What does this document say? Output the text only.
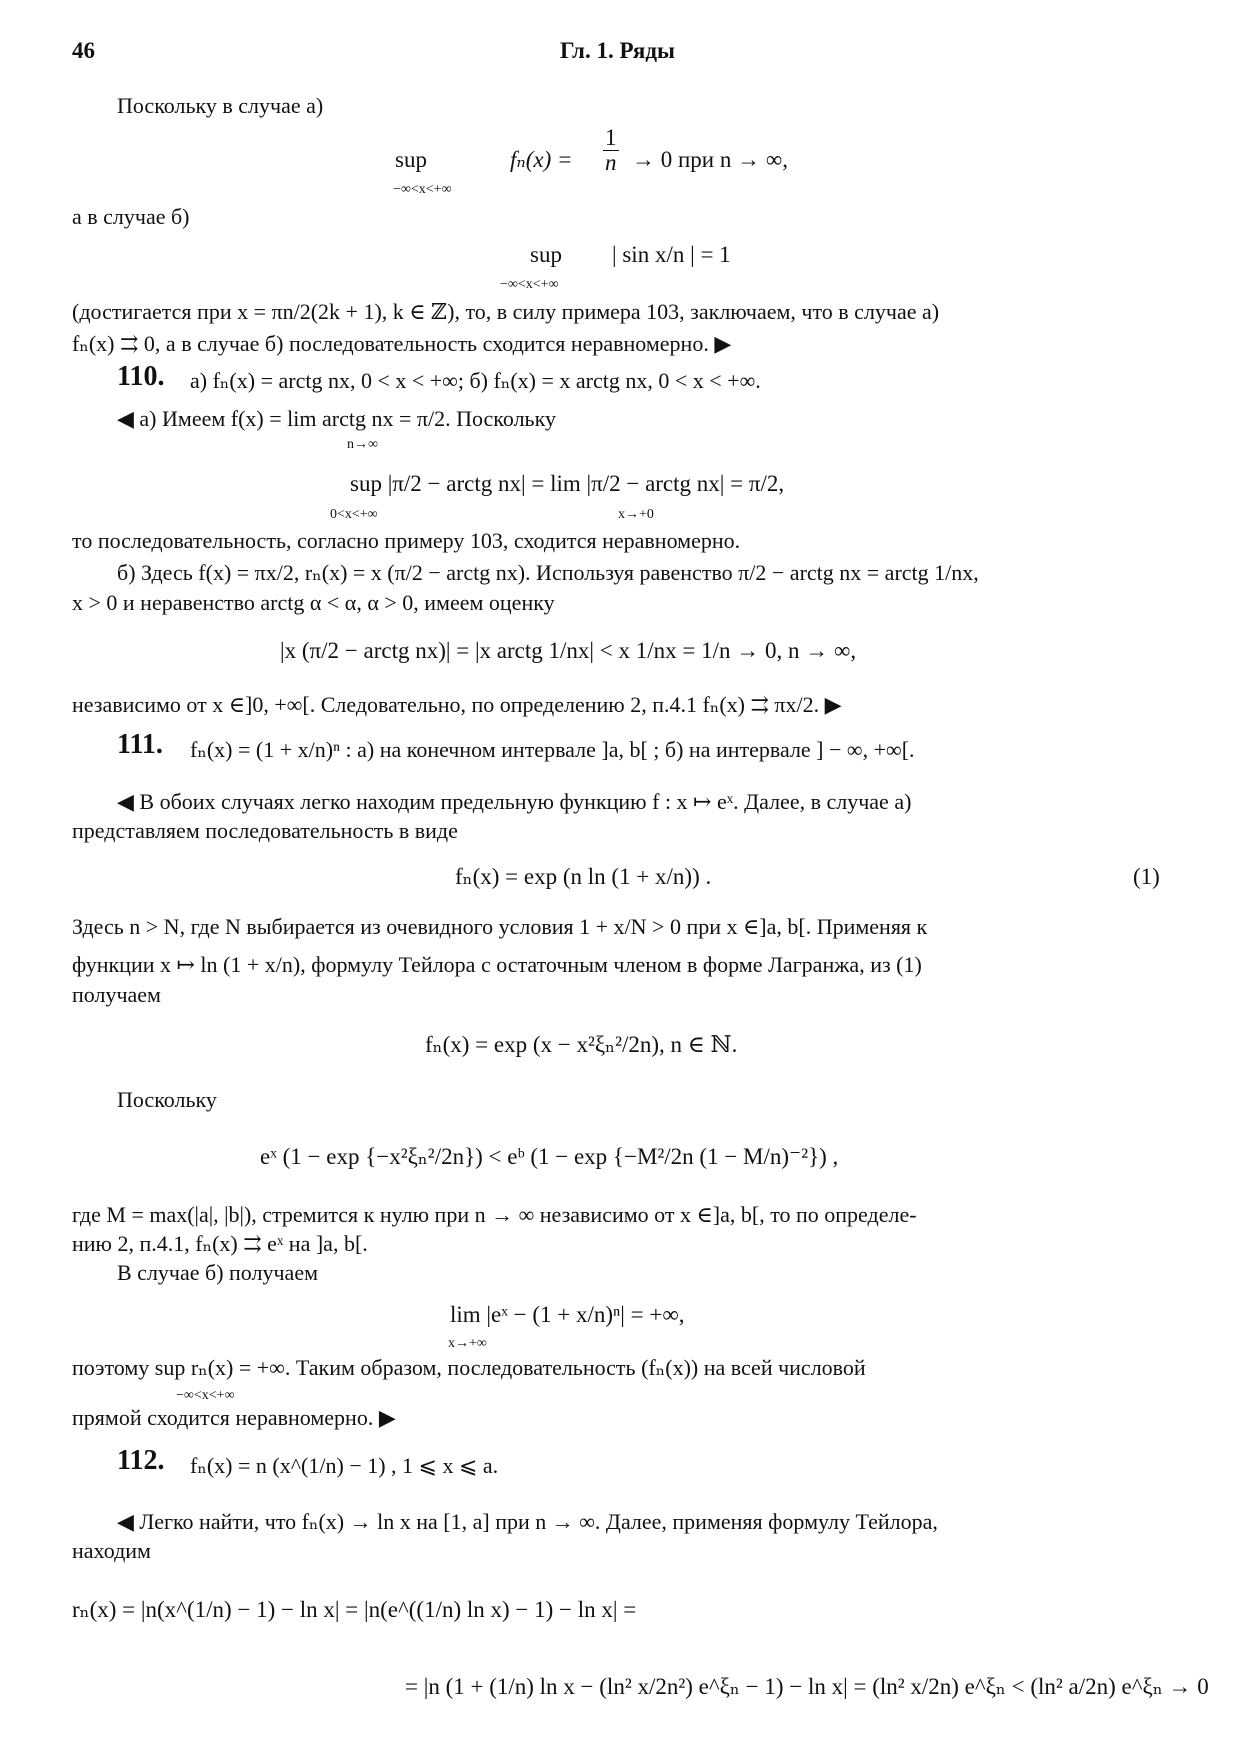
46	Гл. 1. Ряды
Поскольку в случае а)
sup
−∞<x<+∞
$f_n(x) = \frac{1}{n} \to 0$ при n → ∞,
а в случае б)
sup
−∞<x<+∞
| sin x/n | = 1
(достигается при x = πn/2(2k + 1), k ∈ ℤ), то, в силу примера 103, заключаем, что в случае а)
fₙ(x) ⇉ 0, а в случае б) последовательность сходится неравномерно. ▶
110. а) fₙ(x) = arctg nx, 0 < x < +∞; б) fₙ(x) = x arctg nx, 0 < x < +∞.
◀ а) Имеем f(x) = lim arctg nx = π/2. Поскольку
n→∞
sup |π/2 − arctg nx| = lim |π/2 − arctg nx| = π/2,
0<x<+∞	x→+0
то последовательность, согласно примеру 103, сходится неравномерно.
б) Здесь f(x) = πx/2, rₙ(x) = x (π/2 − arctg nx). Используя равенство π/2 − arctg nx = arctg 1/nx,
x > 0 и неравенство arctg α < α, α > 0, имеем оценку
|x (π/2 − arctg nx)| = |x arctg 1/nx| < x 1/nx = 1/n → 0, n → ∞,
независимо от x ∈]0, +∞[. Следовательно, по определению 2, п.4.1 fₙ(x) ⇉ πx/2. ▶
111. fₙ(x) = (1 + x/n)ⁿ : а) на конечном интервале ]a, b[ ; б) на интервале ] − ∞, +∞[.
◀ В обоих случаях легко находим предельную функцию f : x ↦ eˣ. Далее, в случае а)
представляем последовательность в виде
fₙ(x) = exp (n ln (1 + x/n)) .	(1)
Здесь n > N, где N выбирается из очевидного условия 1 + x/N > 0 при x ∈]a, b[. Применяя к
функции x ↦ ln (1 + x/n), формулу Тейлора с остаточным членом в форме Лагранжа, из (1)
получаем
fₙ(x) = exp (x − x²ξₙ²/2n), n ∈ ℕ.
Поскольку
eˣ (1 − exp {−x²ξₙ²/2n}) < eᵇ (1 − exp {−M²/2n (1 − M/n)⁻²}) ,
где M = max(|a|, |b|), стремится к нулю при n → ∞ независимо от x ∈]a, b[, то по определе-
нию 2, п.4.1, fₙ(x) ⇉ eˣ на ]a, b[.
В случае б) получаем
lim |eˣ − (1 + x/n)ⁿ| = +∞,
x→+∞
поэтому sup rₙ(x) = +∞. Таким образом, последовательность (fₙ(x)) на всей числовой
−∞<x<+∞
прямой сходится неравномерно. ▶
112. fₙ(x) = n (x^(1/n) − 1) , 1 ⩽ x ⩽ a.
◀ Легко найти, что fₙ(x) → ln x на [1, a] при n → ∞. Далее, применяя формулу Тейлора,
находим
rₙ(x) = |n(x^(1/n) − 1) − ln x| = |n(e^((1/n) ln x) − 1) − ln x| =
= |n (1 + (1/n) ln x − (ln² x/2n²) e^ξₙ − 1) − ln x| = (ln² x/2n) e^ξₙ < (ln² a/2n) e^ξₙ → 0
